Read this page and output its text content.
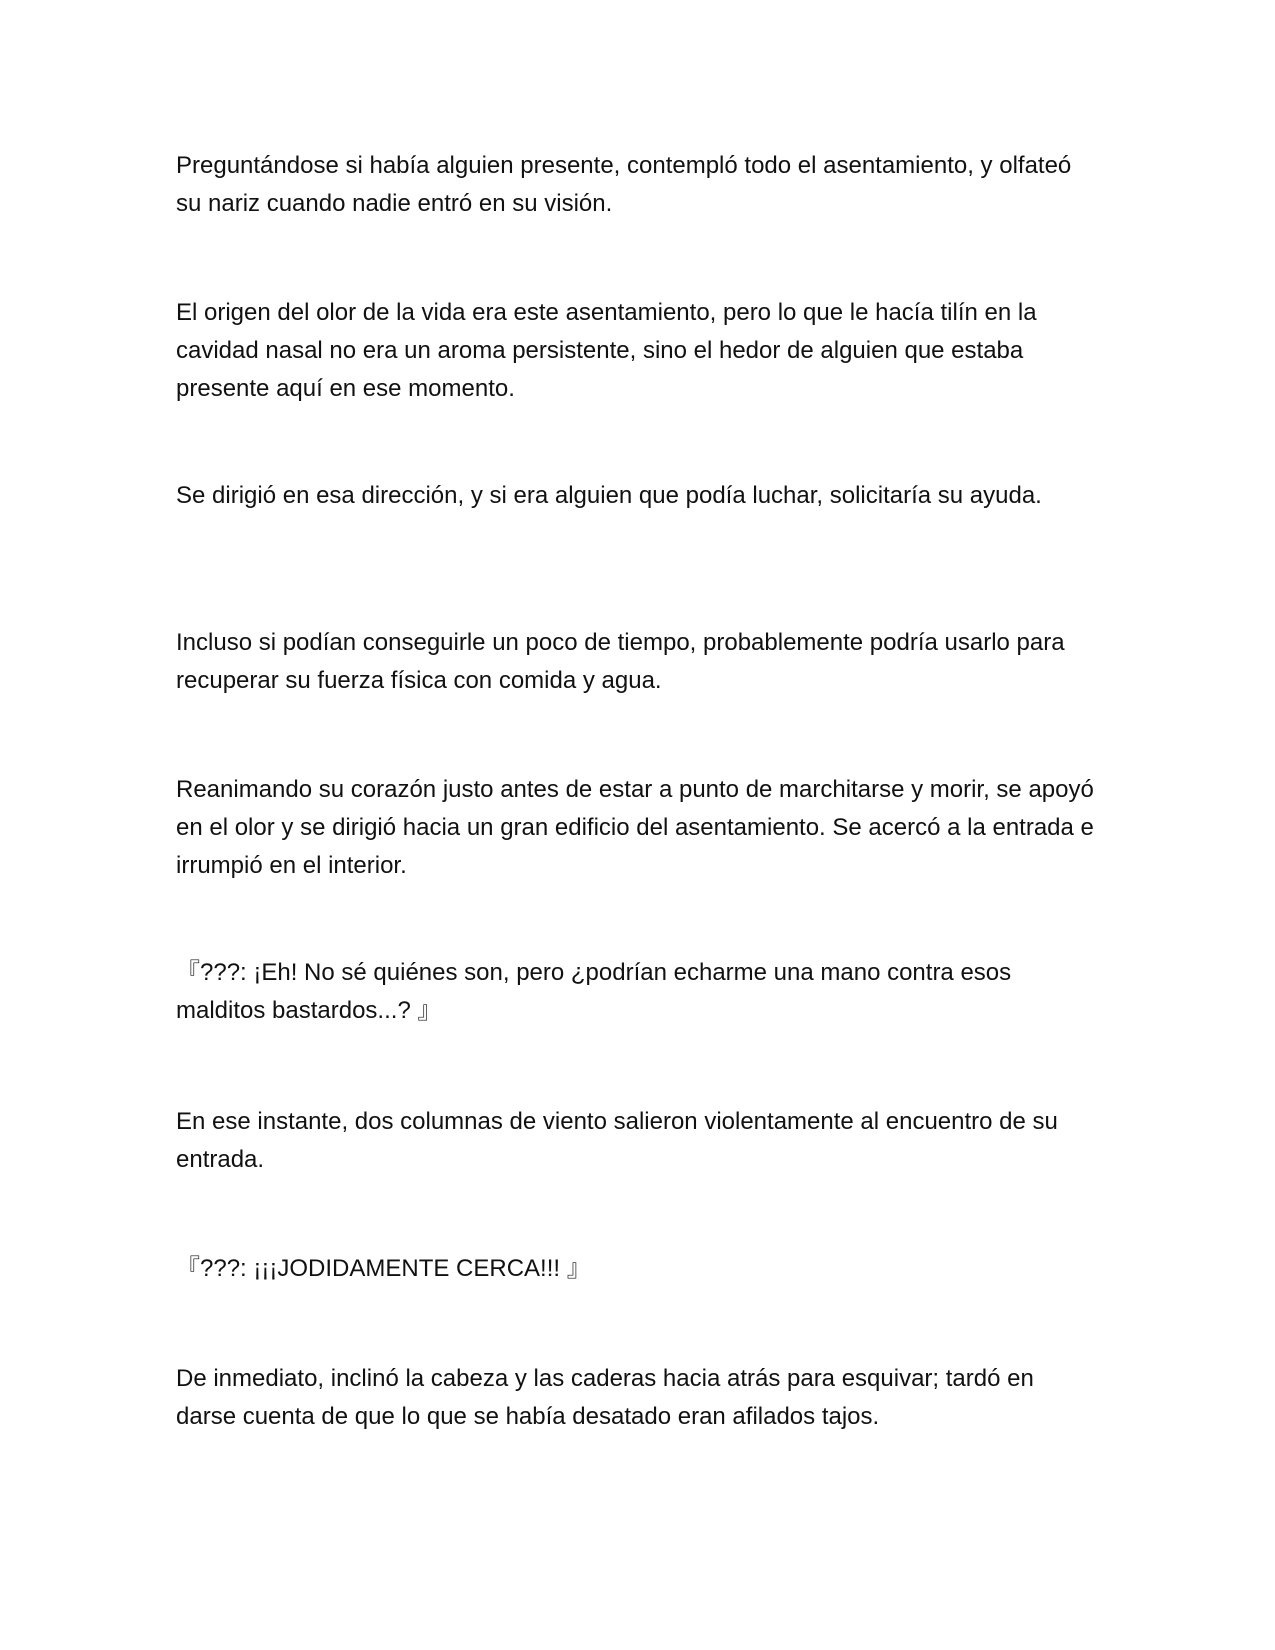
Preguntándose si había alguien presente, contempló todo el asentamiento, y olfateó su nariz cuando nadie entró en su visión.

El origen del olor de la vida era este asentamiento, pero lo que le hacía tilín en la cavidad nasal no era un aroma persistente, sino el hedor de alguien que estaba presente aquí en ese momento.

Se dirigió en esa dirección, y si era alguien que podía luchar, solicitaría su ayuda.

Incluso si podían conseguirle un poco de tiempo, probablemente podría usarlo para recuperar su fuerza física con comida y agua.

Reanimando su corazón justo antes de estar a punto de marchitarse y morir, se apoyó en el olor y se dirigió hacia un gran edificio del asentamiento. Se acercó a la entrada e irrumpió en el interior.

『???: ¡Eh! No sé quiénes son, pero ¿podrían echarme una mano contra esos malditos bastardos...? 』

En ese instante, dos columnas de viento salieron violentamente al encuentro de su entrada.

『???: ¡¡¡JODIDAMENTE CERCA!!! 』

De inmediato, inclinó la cabeza y las caderas hacia atrás para esquivar; tardó en darse cuenta de que lo que se había desatado eran afilados tajos.
